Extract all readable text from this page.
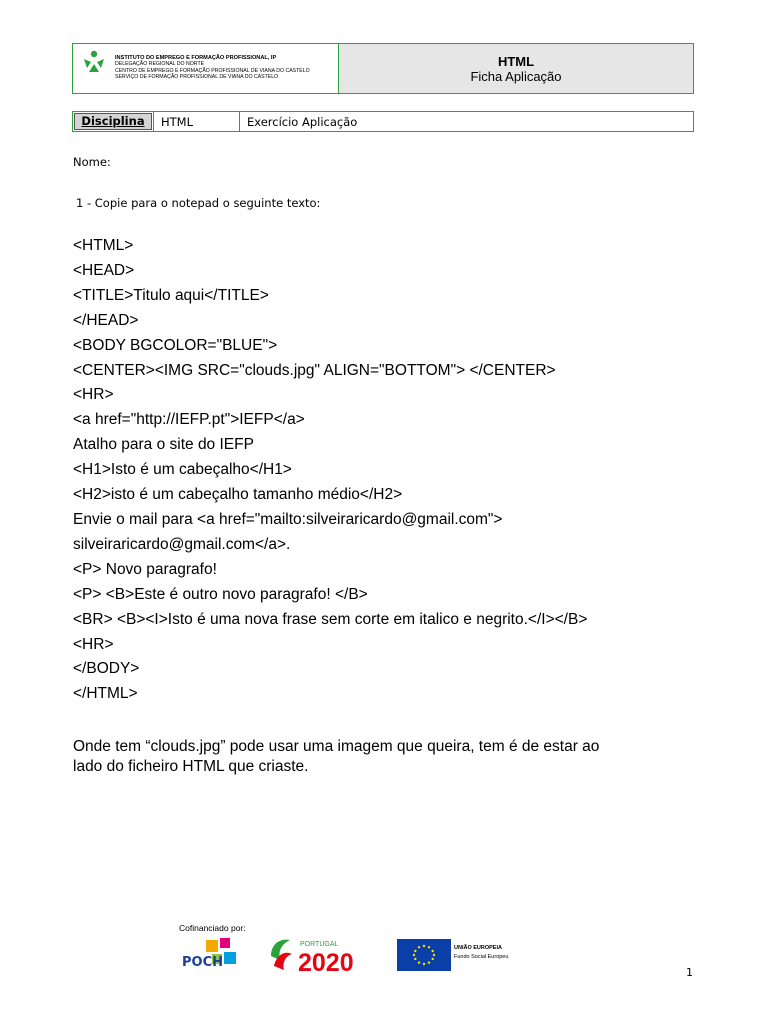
INSTITUTO DO EMPREGO E FORMAÇÃO PROFISSIONAL, IP
DELEGAÇÃO REGIONAL DO NORTE
CENTRO DE EMPREGO E FORMAÇÃO PROFISSIONAL DE VIANA DO CASTELO
SERVIÇO DE FORMAÇÃO PROFISSIONAL DE VIANA DO CASTELO
HTML
Ficha Aplicação
Disciplina	HTML	Exercício Aplicação
Nome:
1 - Copie para o notepad o seguinte texto:
<HTML>
<HEAD>
<TITLE>Titulo aqui</TITLE>
</HEAD>
<BODY BGCOLOR="BLUE">
<CENTER><IMG SRC="clouds.jpg" ALIGN="BOTTOM"> </CENTER>
<HR>
<a href="http://IEFP.pt">IEFP</a>
Atalho para o site do IEFP
<H1>Isto é um cabeçalho</H1>
<H2>isto é um cabeçalho tamanho médio</H2>
Envie o mail para <a href="mailto:silveiraricardo@gmail.com">
silveiraricardo@gmail.com</a>.
<P> Novo paragrafo!
<P> <B>Este é outro novo paragrafo! </B>
<BR> <B><I>Isto é uma nova frase sem corte em italico e negrito.</I></B>
<HR>
</BODY>
</HTML>
Onde tem “clouds.jpg” pode usar uma imagem que queira, tem é de estar ao
lado do ficheiro HTML que criaste.
Cofinanciado por:
POCH
PORTUGAL
2020
UNIÃO EUROPEIA
Fundo Social Europeu
1
